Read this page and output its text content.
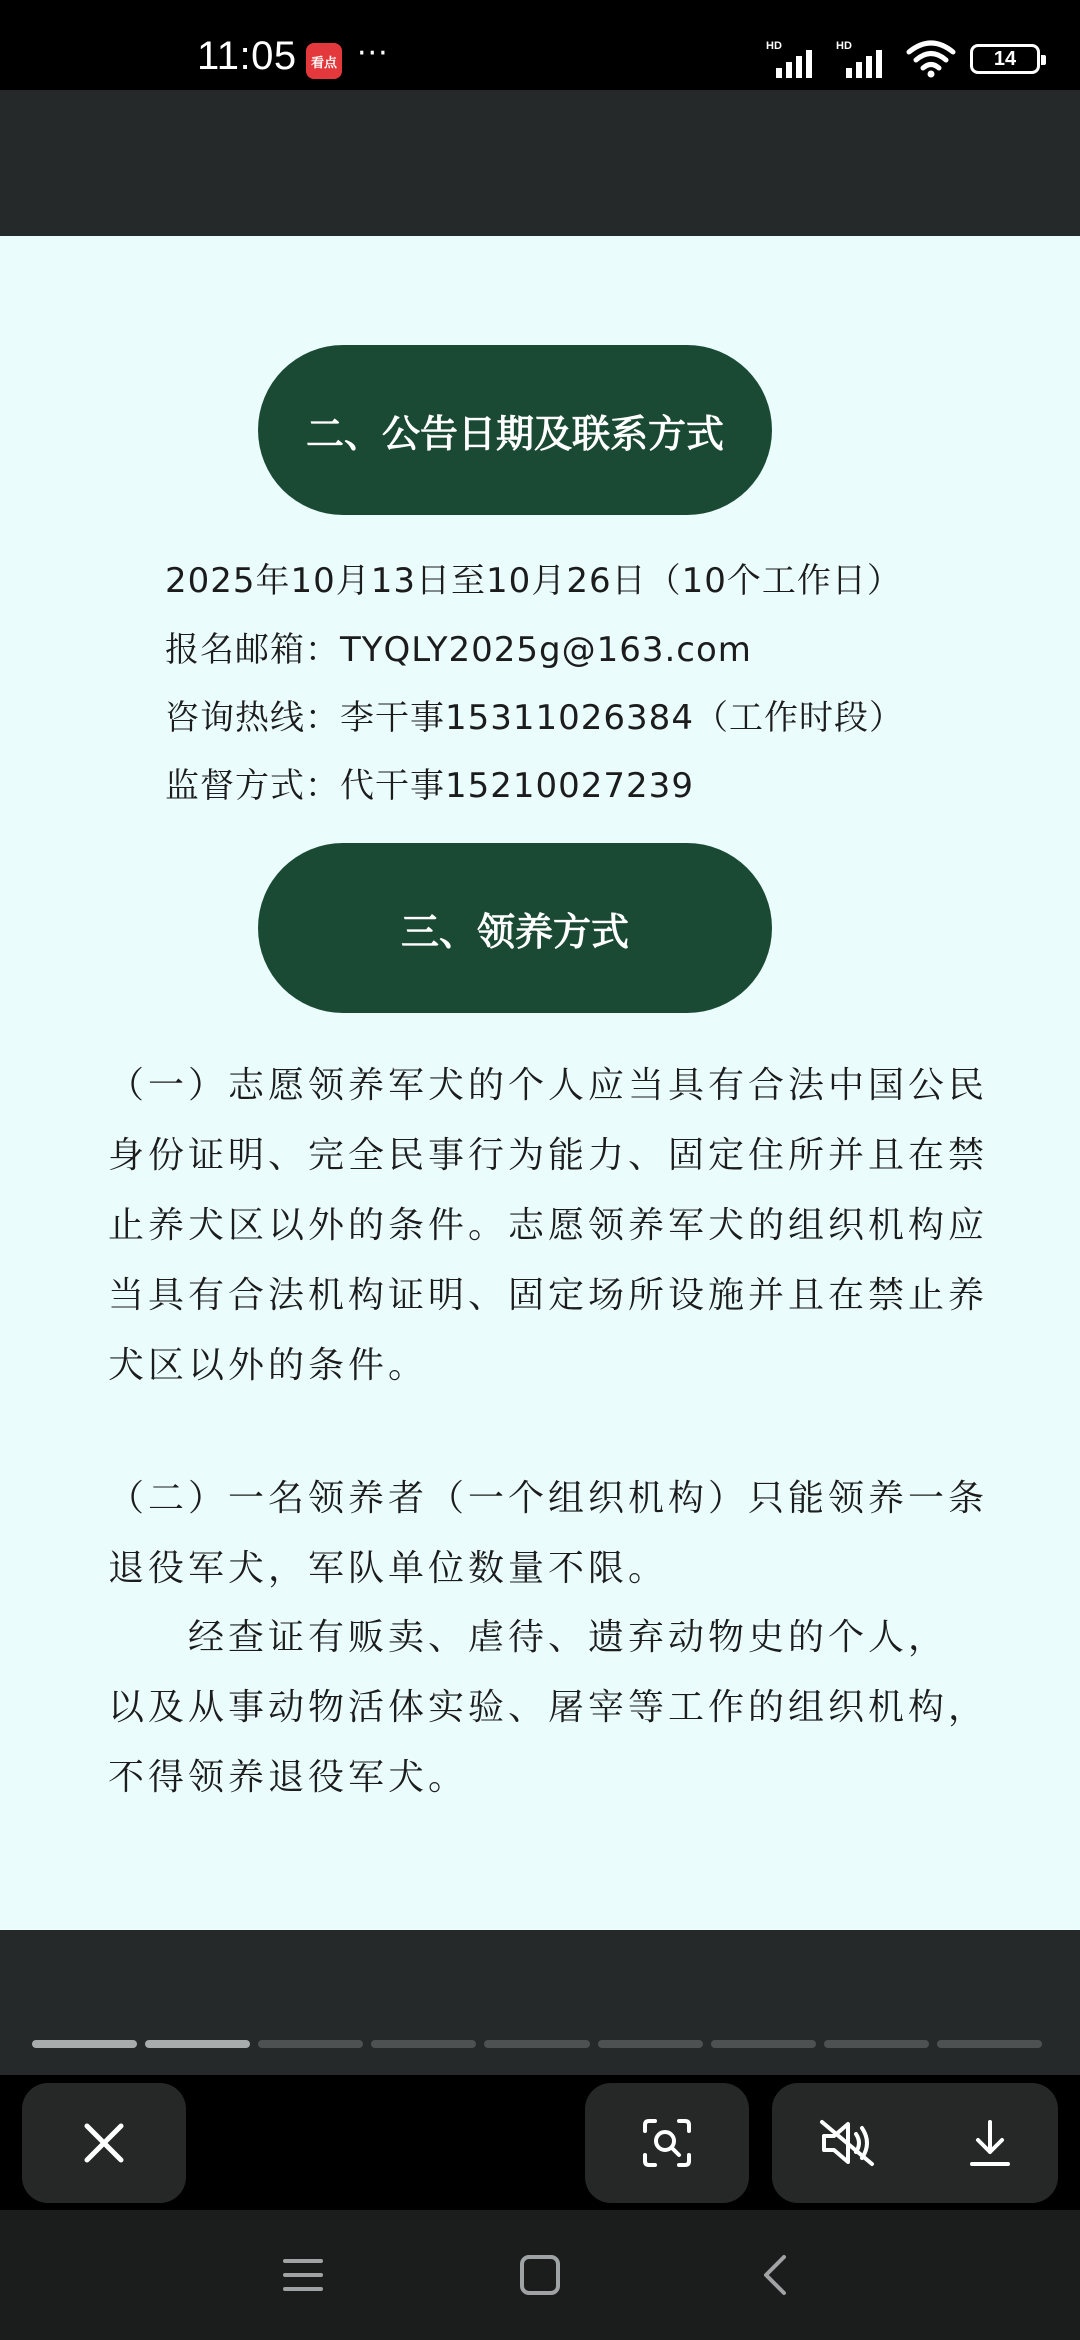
11:05	看点 ···	HD	HD
14
二、公告日期及联系方式
2025年10月13日至10月26日（10个工作日）
报名邮箱：TYQLY2025g@163.com
咨询热线：李干事15311026384（工作时段）
监督方式：代干事15210027239
三、领养方式
（一）志愿领养军犬的个人应当具有合法中国公民
身份证明、完全民事行为能力、固定住所并且在禁
止养犬区以外的条件。志愿领养军犬的组织机构应
当具有合法机构证明、固定场所设施并且在禁止养
犬区以外的条件。
（二）一名领养者（一个组织机构）只能领养一条
退役军犬，军队单位数量不限。
　　经查证有贩卖、虐待、遗弃动物史的个人，
以及从事动物活体实验、屠宰等工作的组织机构，
不得领养退役军犬。
